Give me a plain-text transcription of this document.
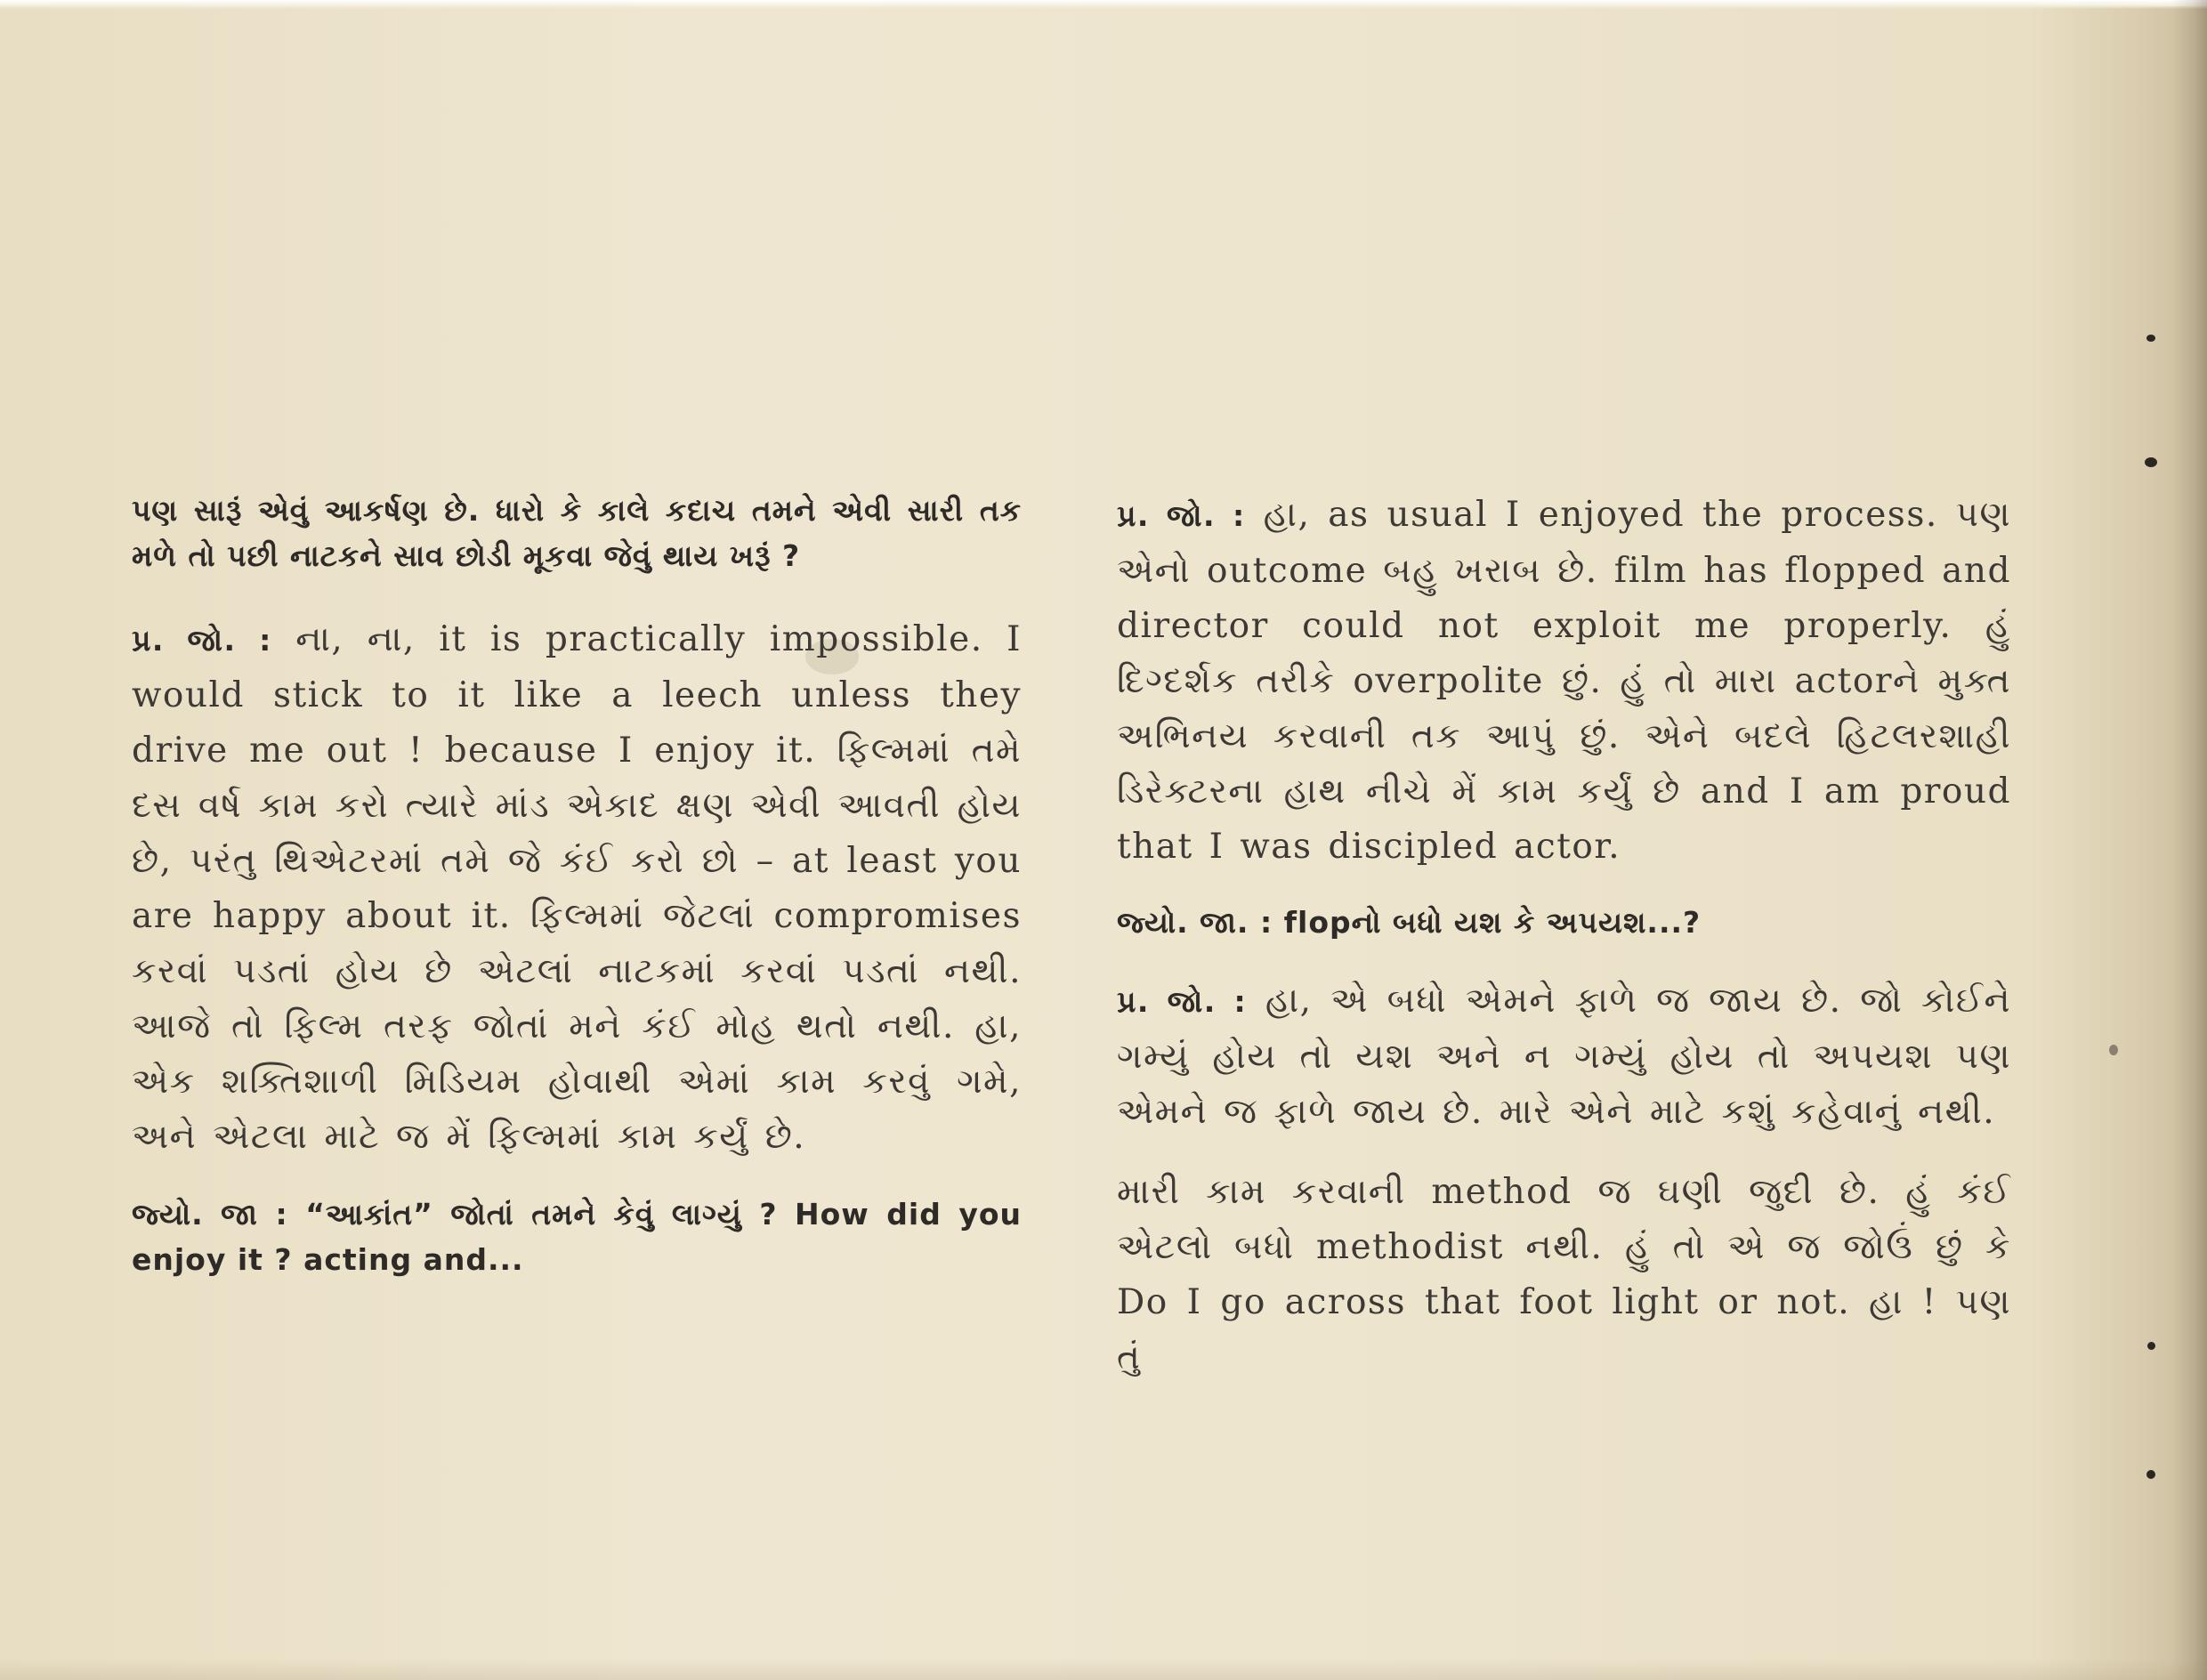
પણ સારૂં એવું આકર્ષણ છે. ધારો કે કાલે કદાચ તમને એવી સારી તક મળે તો પછી નાટકને સાવ છોડી મૂકવા જેવું થાય ખરૂં ?

પ્ર. જો. : ના, ના, it is practically impossible. I would stick to it like a leech unless they drive me out ! because I enjoy it. ફિલ્મમાં તમે દસ વર્ષ કામ કરો ત્યારે માંડ એકાદ ક્ષણ એવી આવતી હોય છે, પરંતુ થિએટરમાં તમે જે કંઈ કરો છો – at least you are happy about it. ફિલ્મમાં જેટલાં compromises કરવાં પડતાં હોય છે એટલાં નાટકમાં કરવાં પડતાં નથી. આજે તો ફિલ્મ તરફ જોતાં મને કંઈ મોહ થતો નથી. હા, એક શક્તિશાળી મિડિયમ હોવાથી એમાં કામ કરવું ગમે, અને એટલા માટે જ મેં ફિલ્મમાં કામ કર્યું છે.

જ્યો. જા : “આકાંત” જોતાં તમને કેવું લાગ્યું ? How did you enjoy it ? acting and...

પ્ર. જો. : હા, as usual I enjoyed the process. પણ એનો outcome બહુ ખરાબ છે. film has flopped and director could not exploit me properly. હું દિગ્દર્શક તરીકે overpolite છું. હું તો મારા actorને મુક્ત અભિનય કરવાની તક આપું છું. એને બદલે હિટલરશાહી ડિરેક્ટરના હાથ નીચે મેં કામ કર્યું છે and I am proud that I was discipled actor.

જ્યો. જા. : flopનો બધો યશ કે અપયશ...?

પ્ર. જો. : હા, એ બધો એમને ફાળે જ જાય છે. જો કોઈને ગમ્યું હોય તો યશ અને ન ગમ્યું હોય તો અપયશ પણ એમને જ ફાળે જાય છે. મારે એને માટે કશું કહેવાનું નથી.

મારી કામ કરવાની method જ ઘણી જુદી છે. હું કંઈ એટલો બધો methodist નથી. હું તો એ જ જોઉં છું કે Do I go across that foot light or not. હા ! પણ તું
